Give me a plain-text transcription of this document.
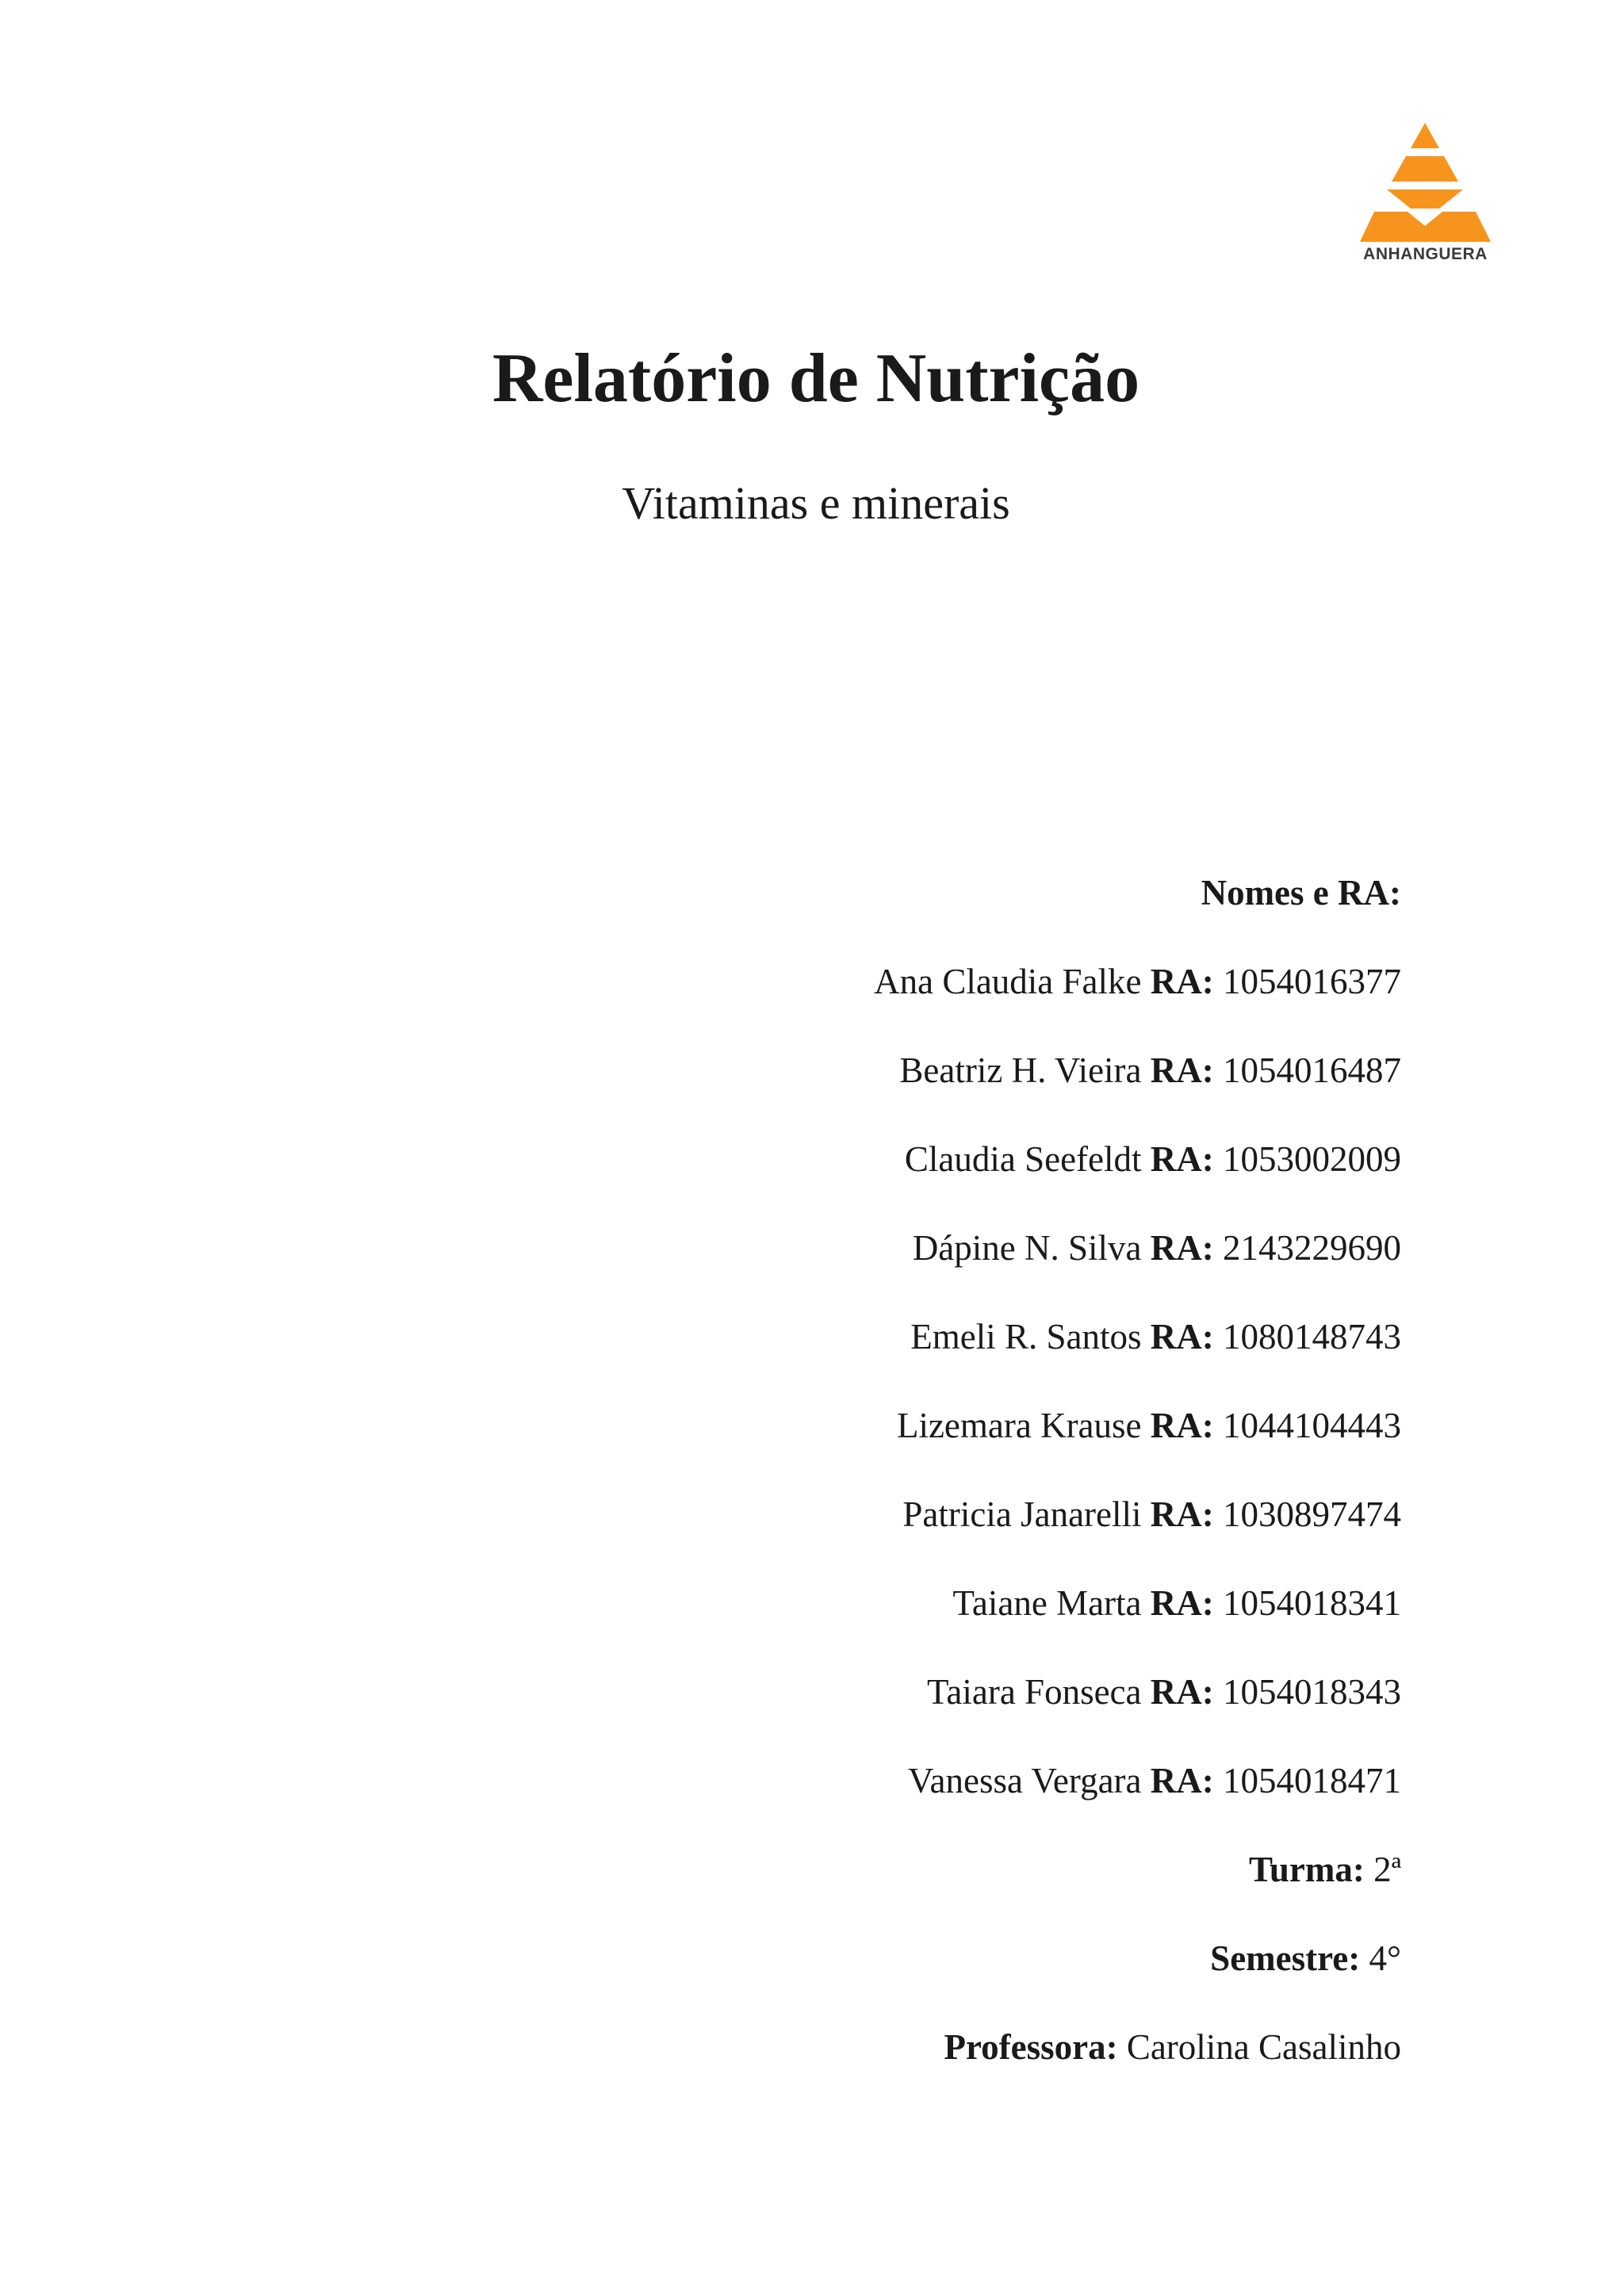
ANHANGUERA
Relatório de Nutrição
Vitaminas e minerais
Nomes e RA:
Ana Claudia Falke RA: 1054016377
Beatriz H. Vieira RA: 1054016487
Claudia Seefeldt RA: 1053002009
Dápine N. Silva RA: 2143229690
Emeli R. Santos RA: 1080148743
Lizemara Krause RA: 1044104443
Patricia Janarelli RA: 1030897474
Taiane Marta RA: 1054018341
Taiara Fonseca RA: 1054018343
Vanessa Vergara RA: 1054018471
Turma: 2ª
Semestre: 4°
Professora: Carolina Casalinho
